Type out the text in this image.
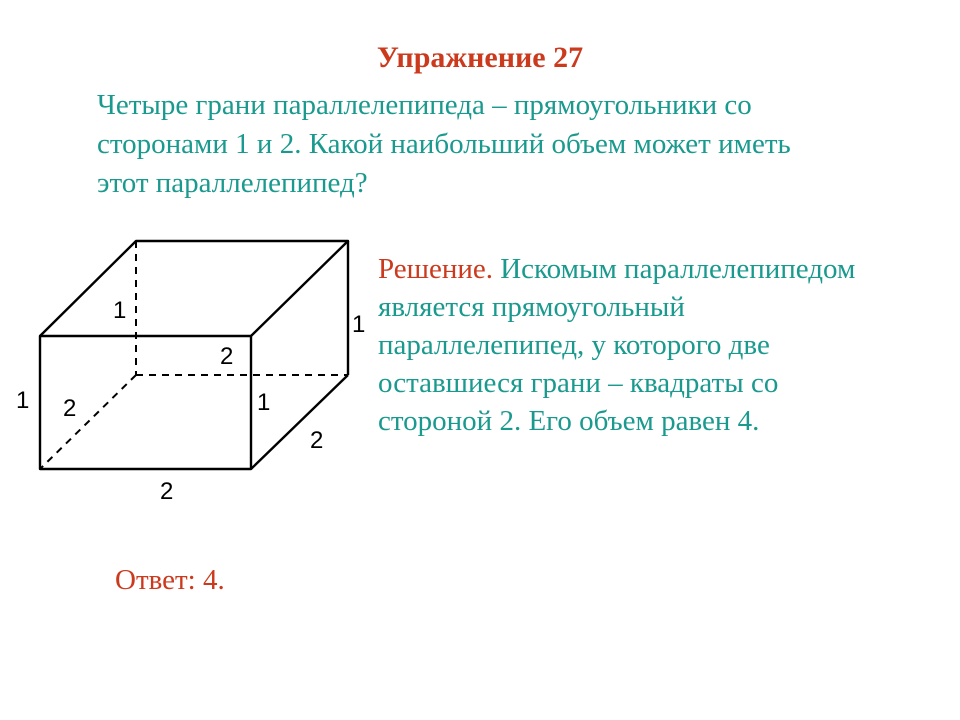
Упражнение 27
Четыре грани параллелепипеда – прямоугольники со
сторонами 1 и 2. Какой наибольший объем может иметь
этот параллелепипед?
1
1
1
2
1
2
2
2
Решение. Искомым параллелепипедом
является прямоугольный
параллелепипед, у которого две
оставшиеся грани – квадраты со
стороной 2. Его объем равен 4.
Ответ: 4.
